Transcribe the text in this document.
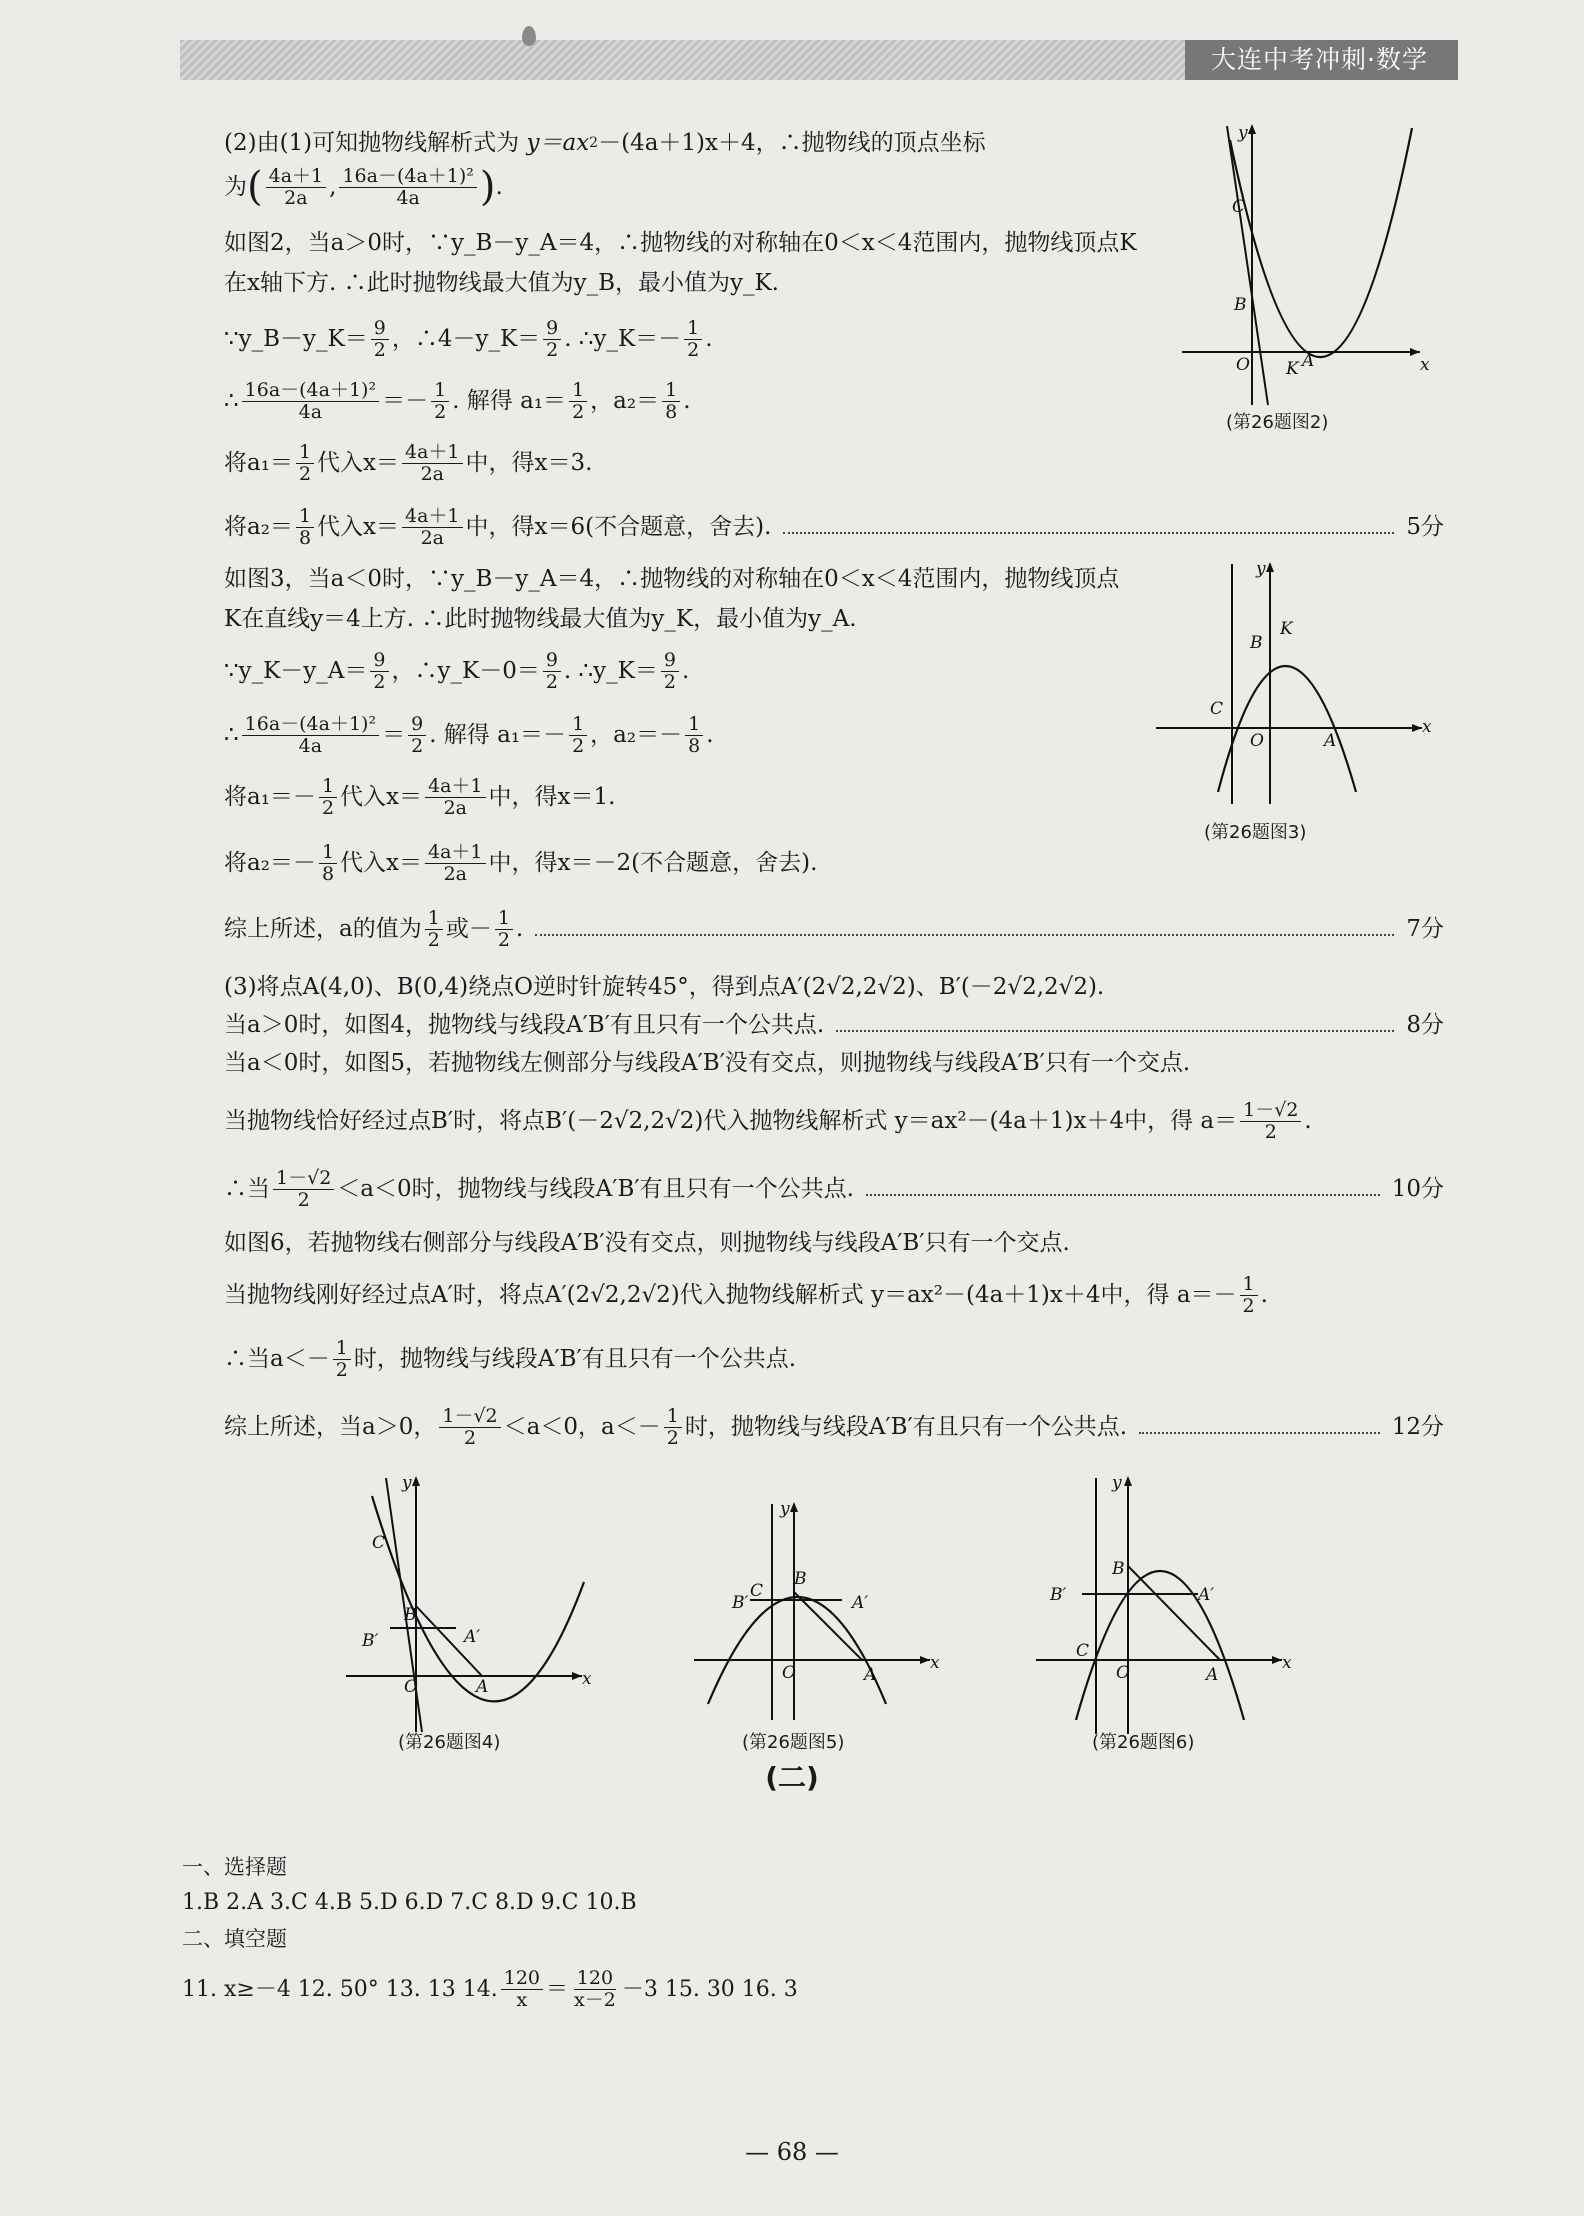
大连中考冲刺·数学
(2)由(1)可知抛物线解析式为
y＝ax 2 －(4a＋1)x＋4，∴抛物线的顶点坐标
为 ( $\frac{4a+1}{2a}$ , $\frac{\text{16a－(4a＋1)²}}{4a}$ ) .
如图2，当a＞0时，∵y_B－y_A＝4，∴抛物线的对称轴在0＜x＜4范围内，抛物线顶点K
在x轴下方. ∴此时抛物线最大值为y_B，最小值为y_K.
∵y_B－y_K＝ $\frac{9}{2}$ ，∴4－y_K＝ $\frac{9}{2}$ . ∴y_K＝－ $\frac{1}{2}$ .
∴ $\frac{\text{16a－(4a＋1)²}}{4a} =- \frac{1}{2}$ . 解得 $a_1= \frac{1}{2}$ ，$a_2= \frac{1}{8}$ .
将$a_1= \frac{1}{2}$ 代入$x= \frac{4a+1}{2a}$ 中，得x＝3.
将$a_2= \frac{1}{8}$ 代入$x= \frac{4a+1}{2a}$ 中，得x＝6(不合题意，舍去).	5分
如图3，当a＜0时，∵y_B－y_A＝4，∴抛物线的对称轴在0＜x＜4范围内，抛物线顶点
K在直线y＝4上方. ∴此时抛物线最大值为y_K，最小值为y_A.
∵y_K－y_A＝ $\frac{9}{2}$ ，∴y_K－0＝ $\frac{9}{2}$ . ∴y_K＝ $\frac{9}{2}$ .
∴ $\frac{\text{16a－(4a＋1)²}}{4a} = \frac{9}{2}$ . 解得 $a_1=- \frac{1}{2}$ ，$a_2=- \frac{1}{8}$ .
将$a_1=- \frac{1}{2}$ 代入$x= \frac{4a+1}{2a}$ 中，得x＝1.
将$a_2=- \frac{1}{8}$ 代入$x= \frac{4a+1}{2a}$ 中，得x＝－2(不合题意，舍去).
综上所述，a的值为 $\frac{1}{2}$ 或－ $\frac{1}{2}$ .	7分
(3)将点A(4,0)、B(0,4)绕点O逆时针旋转45°，得到点A′(2√2,2√2)、B′(－2√2,2√2).
当a＞0时，如图4，抛物线与线段A′B′有且只有一个公共点.	8分
当a＜0时，如图5，若抛物线左侧部分与线段A′B′没有交点，则抛物线与线段A′B′只有一个交点.
当抛物线恰好经过点B′时，将点B′(－2√2,2√2)代入抛物线解析式 y＝ax²－(4a＋1)x＋4中，得 $a= \frac{1-√2}{2}$ .
∴当 $\frac{1-√2}{2} <a<0$时，抛物线与线段A′B′有且只有一个公共点.	10分
如图6，若抛物线右侧部分与线段A′B′没有交点，则抛物线与线段A′B′只有一个交点.
当抛物线刚好经过点A′时，将点A′(2√2,2√2)代入抛物线解析式 y＝ax²－(4a＋1)x＋4中，得 $a=- \frac{1}{2}$ .
∴当$a<- \frac{1}{2}$ 时，抛物线与线段A′B′有且只有一个公共点.
综上所述，当a＞0， $\frac{1-√2}{2} <a<0$，$a<- \frac{1}{2}$ 时，抛物线与线段A′B′有且只有一个公共点.	12分
x
y
O
C
B
K A
(第26题图2)
x
y
O
C
B
K
A
(第26题图3)
x
y
O
C
B
B′	A′
A
(第26题图4)
x
y
O
C
B
B′	A′
A
(第26题图5)
x
y
O
C
B
B′	A′
A
(第26题图6)
(二)
一、选择题
1.B 2.A 3.C 4.B 5.D 6.D 7.C 8.D 9.C 10.B
二、填空题
11. x≥－4 12. 50° 13. 13 14. $\frac{120}{x} = \frac{120}{x-2} -3$ 15. 30 16. 3
— 68 —
